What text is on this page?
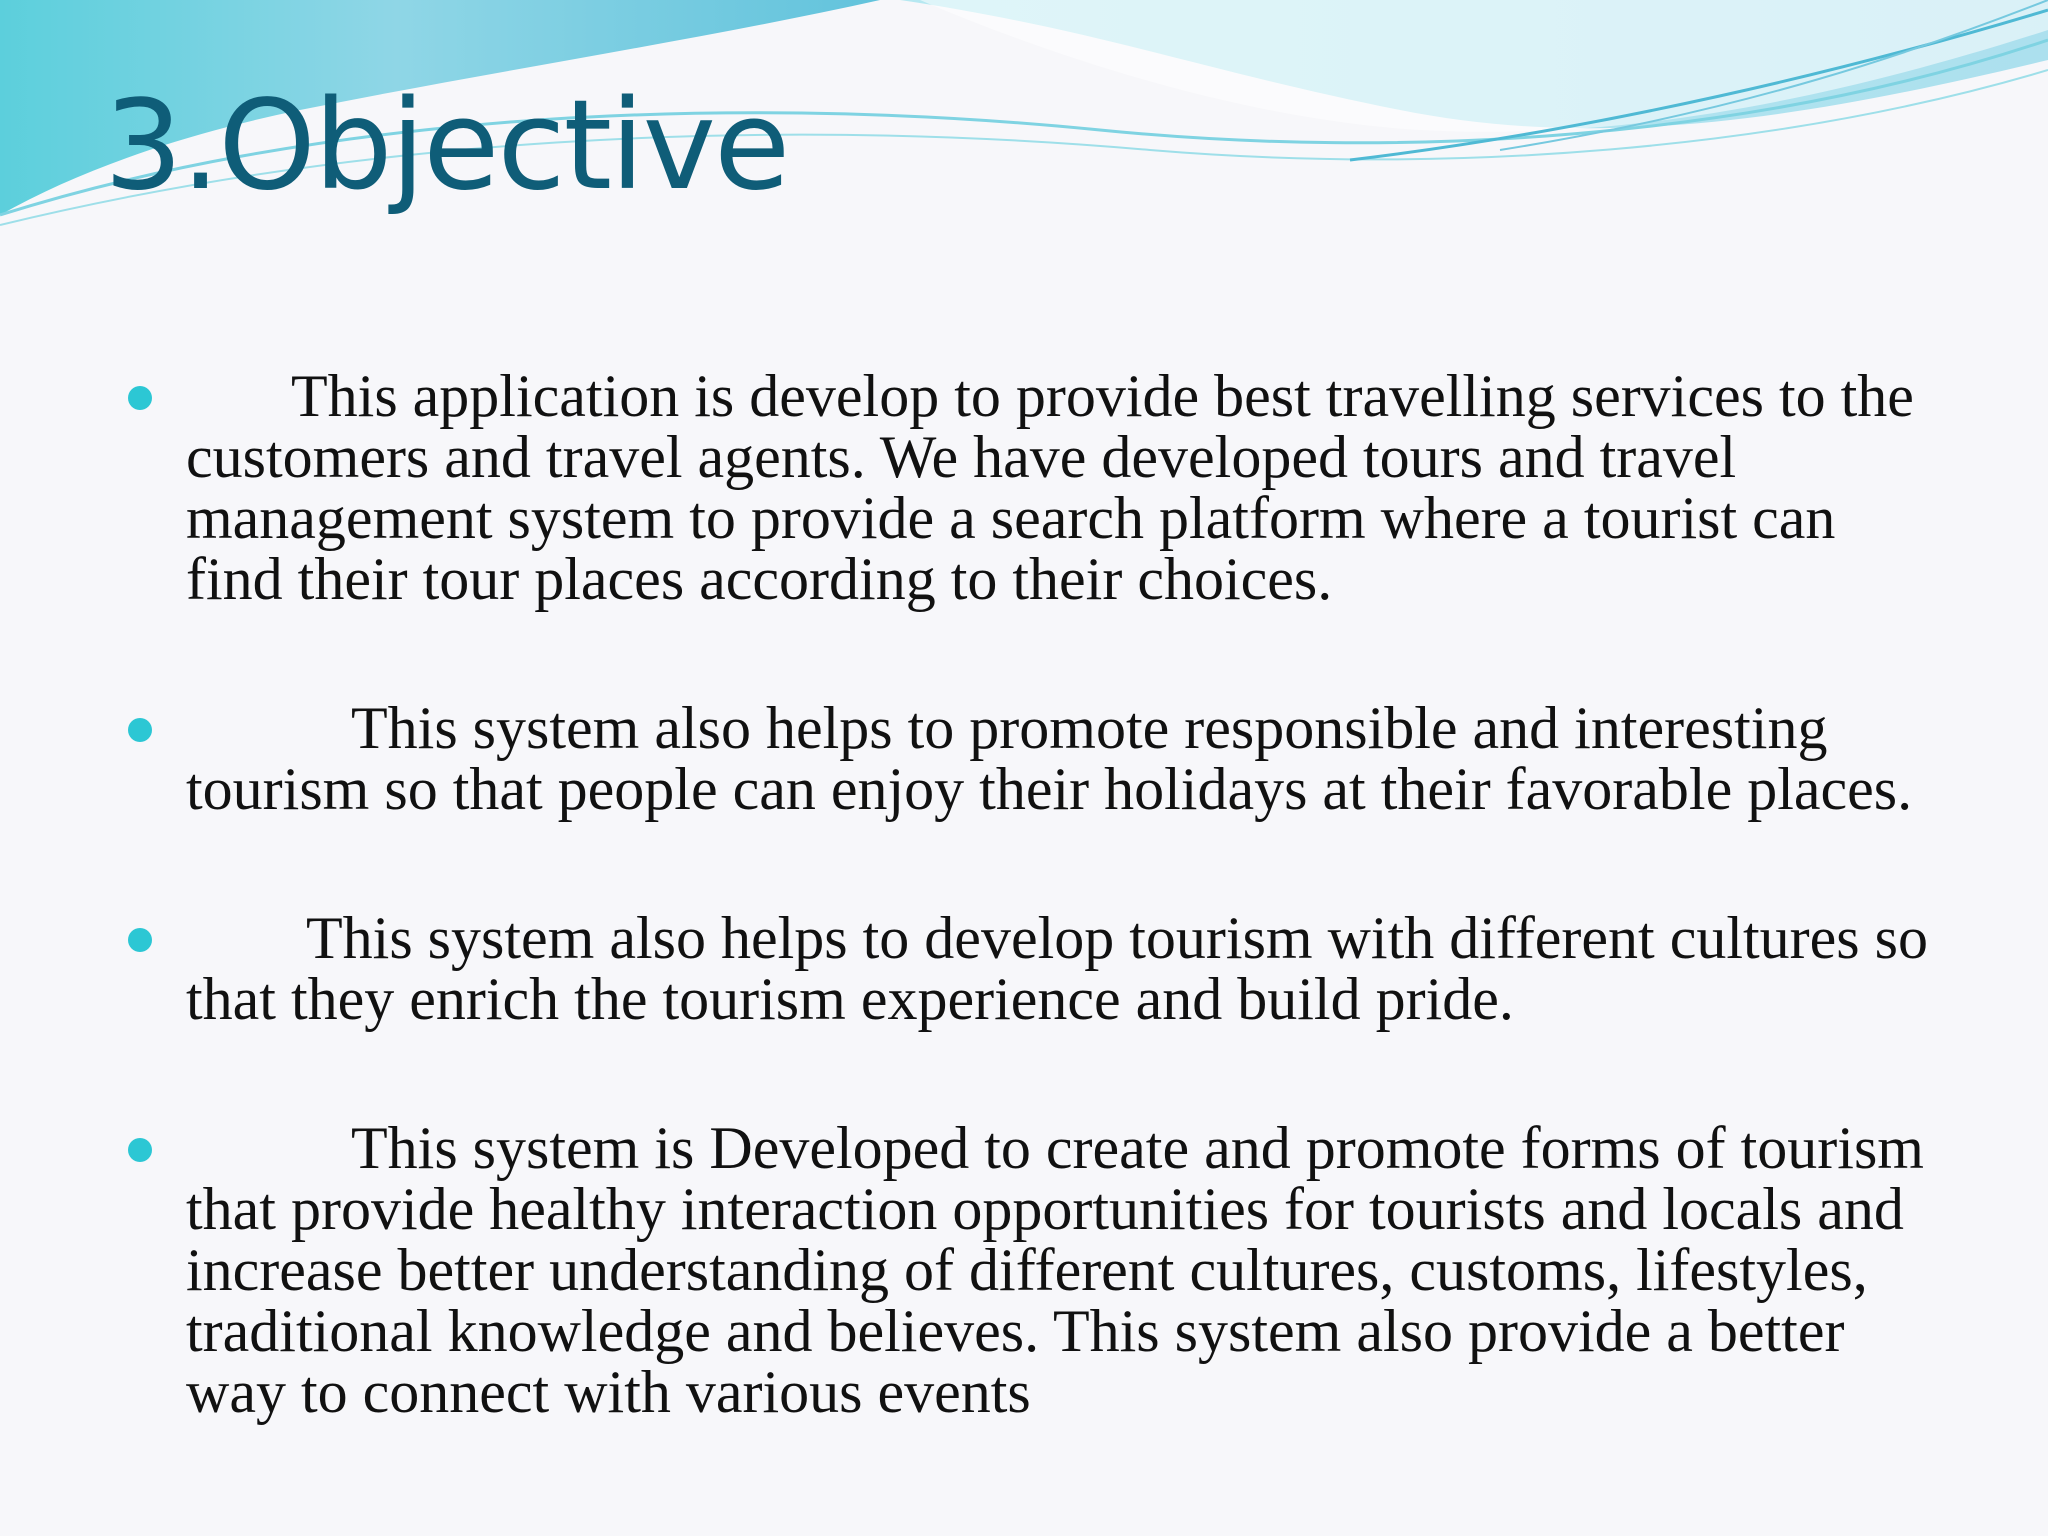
3.Objective
This application is develop to provide best travelling services to the customers and travel agents. We have developed tours and travel management system to provide a search platform where a tourist can find their tour places according to their choices.
This system also helps to promote responsible and interesting tourism so that people can enjoy their holidays at their favorable places.
This system also helps to develop tourism with different cultures so that they enrich the tourism experience and build pride.
This system is Developed to create and promote forms of tourism that provide healthy interaction opportunities for tourists and locals and increase better understanding of different cultures, customs, lifestyles, traditional knowledge and believes. This system also provide a better way to connect with various events
